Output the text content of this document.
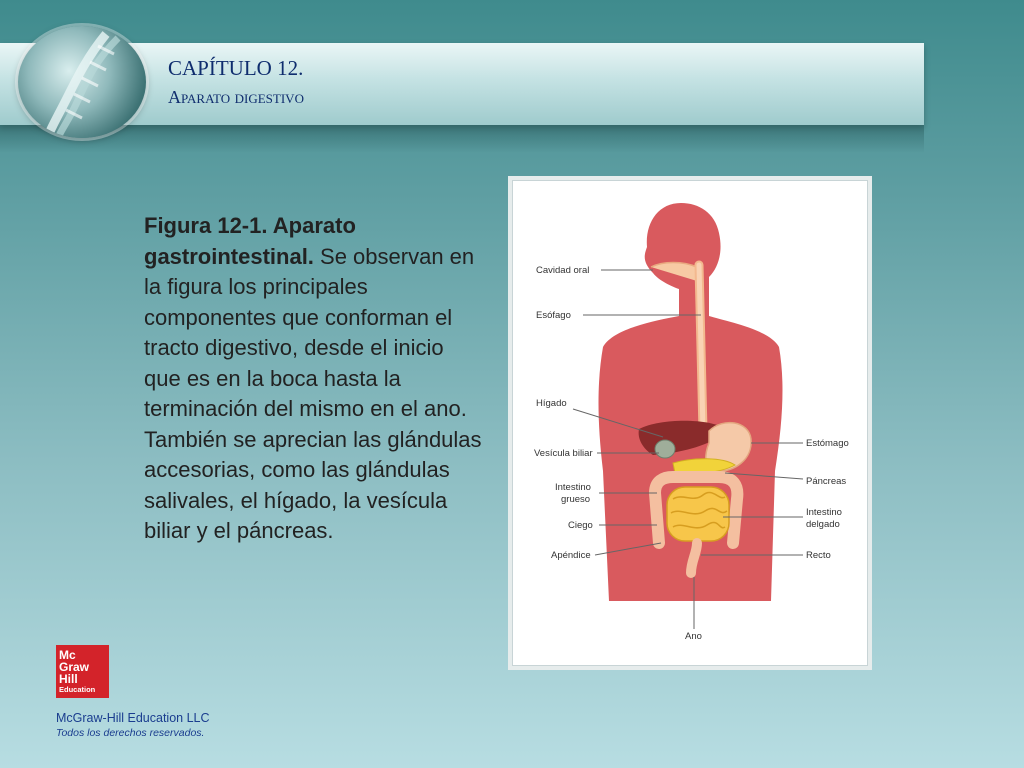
CAPÍTULO 12.
Aparato digestivo
Figura 12-1. Aparato gastrointestinal. Se observan en la figura los principales componentes que conforman el tracto digestivo, desde el inicio que es en la boca hasta la terminación del mismo en el ano. También se aprecian las glándulas accesorias, como las glándulas salivales, el hígado, la vesícula biliar y el páncreas.
Cavidad oral
Esófago
Hígado
Vesícula biliar
Intestino
grueso
Ciego
Apéndice
Estómago
Páncreas
Intestino
delgado
Recto
Ano
Mc
Graw
Hill
Education
McGraw-Hill Education LLC
Todos los derechos reservados.
